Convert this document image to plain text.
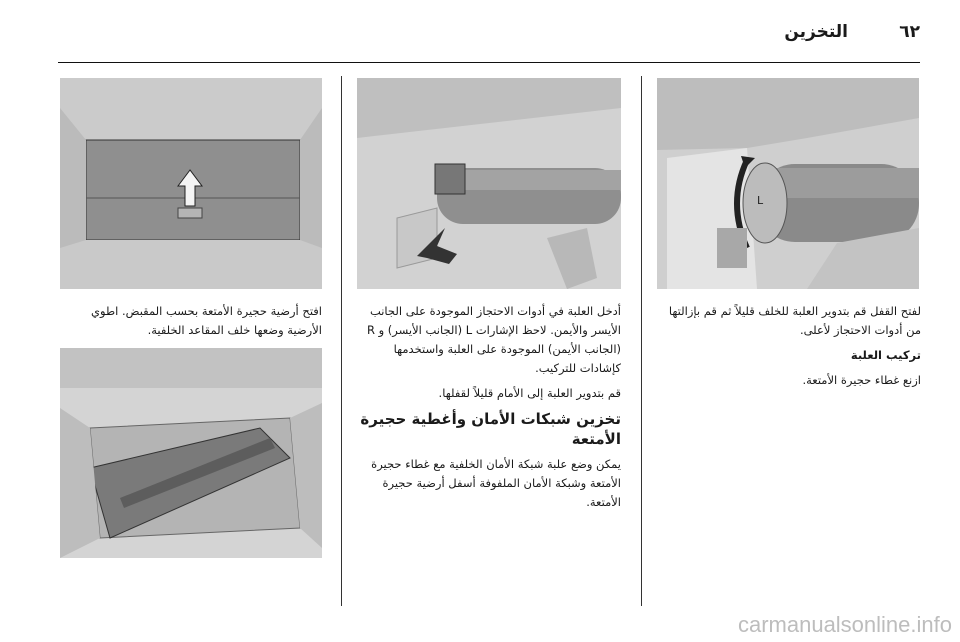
٦٢
التخزين
L

لفتح القفل قم بتدوير العلبة للخلف قليلاً ثم قم بإزالتها من أدوات الاحتجاز لأعلى.

تركيب العلبة

ازنع غطاء حجيرة الأمتعة.

أدخل العلبة في أدوات الاحتجاز الموجودة على الجانب الأيسر والأيمن. لاحظ الإشارات L (الجانب الأيسر) و R (الجانب الأيمن) الموجودة على العلبة واستخدمها كإشادات للتركيب.

قم بتدوير العلبة إلى الأمام قليلاً لقفلها.

تخزين شبكات الأمان وأغطية حجيرة الأمتعة

يمكن وضع علبة شبكة الأمان الخلفية مع غطاء حجيرة الأمتعة وشبكة الأمان الملفوفة أسفل أرضية حجيرة الأمتعة.

افتح أرضية حجيرة الأمتعة بحسب المقبض. اطوي الأرضية وضعها خلف المقاعد الخلفية.

carmanualsonline.info
